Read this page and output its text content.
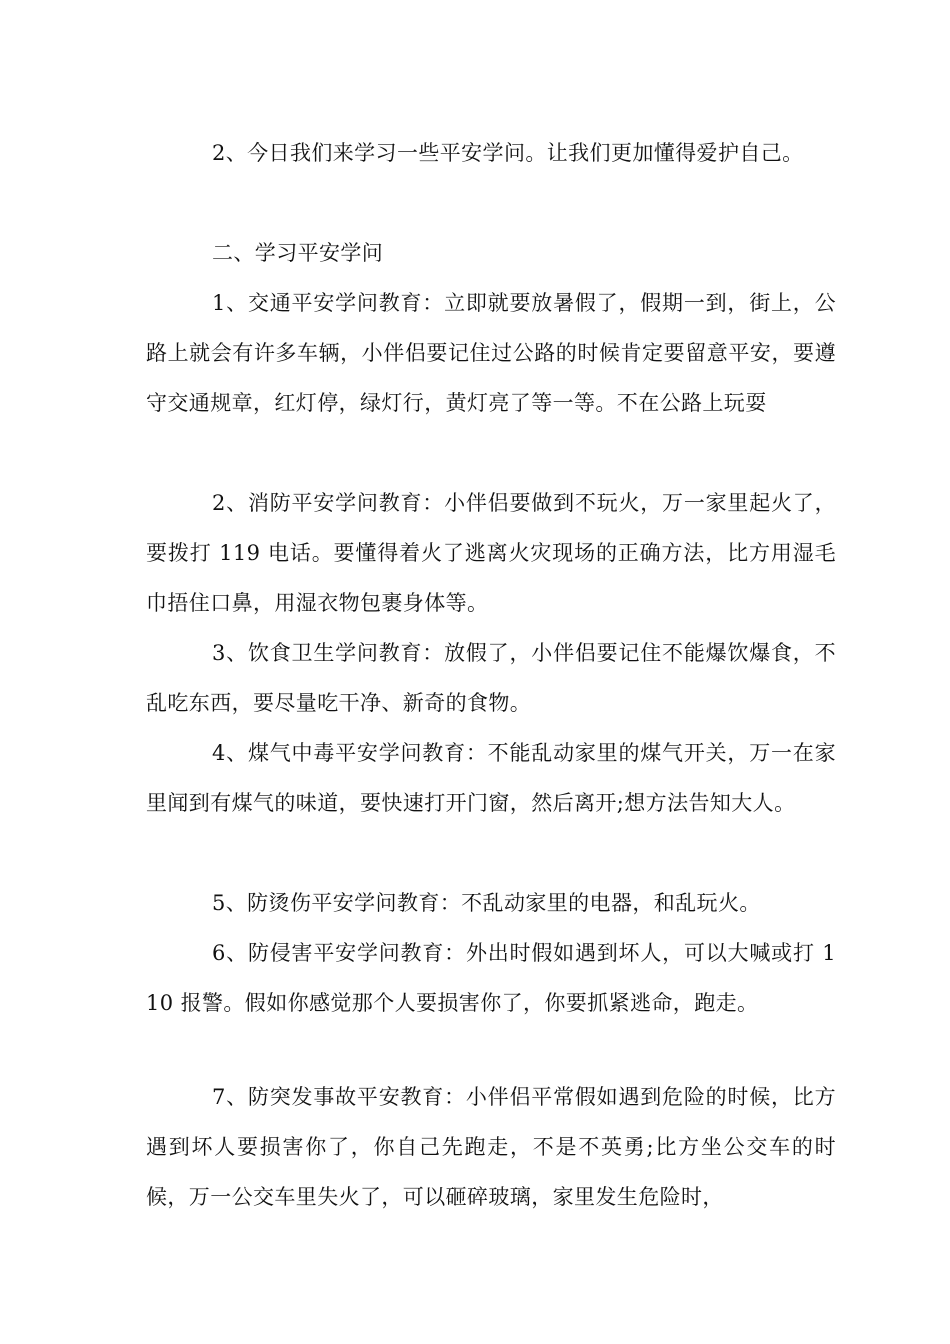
2、今日我们来学习一些平安学问。让我们更加懂得爱护自己。

二、学习平安学问

1、交通平安学问教育：立即就要放暑假了，假期一到，街上，公路上就会有许多车辆，小伴侣要记住过公路的时候肯定要留意平安，要遵守交通规章，红灯停，绿灯行，黄灯亮了等一等。不在公路上玩耍

2、消防平安学问教育：小伴侣要做到不玩火，万一家里起火了，要拨打 119 电话。要懂得着火了逃离火灾现场的正确方法，比方用湿毛巾捂住口鼻，用湿衣物包裹身体等。

3、饮食卫生学问教育：放假了，小伴侣要记住不能爆饮爆食，不乱吃东西，要尽量吃干净、新奇的食物。

4、煤气中毒平安学问教育：不能乱动家里的煤气开关，万一在家里闻到有煤气的味道，要快速打开门窗，然后离开;想方法告知大人。

5、防烫伤平安学问教育：不乱动家里的电器，和乱玩火。

6、防侵害平安学问教育：外出时假如遇到坏人，可以大喊或打 110 报警。假如你感觉那个人要损害你了，你要抓紧逃命，跑走。

7、防突发事故平安教育：小伴侣平常假如遇到危险的时候，比方遇到坏人要损害你了，你自己先跑走，不是不英勇;比方坐公交车的时候，万一公交车里失火了，可以砸碎玻璃，家里发生危险时，
